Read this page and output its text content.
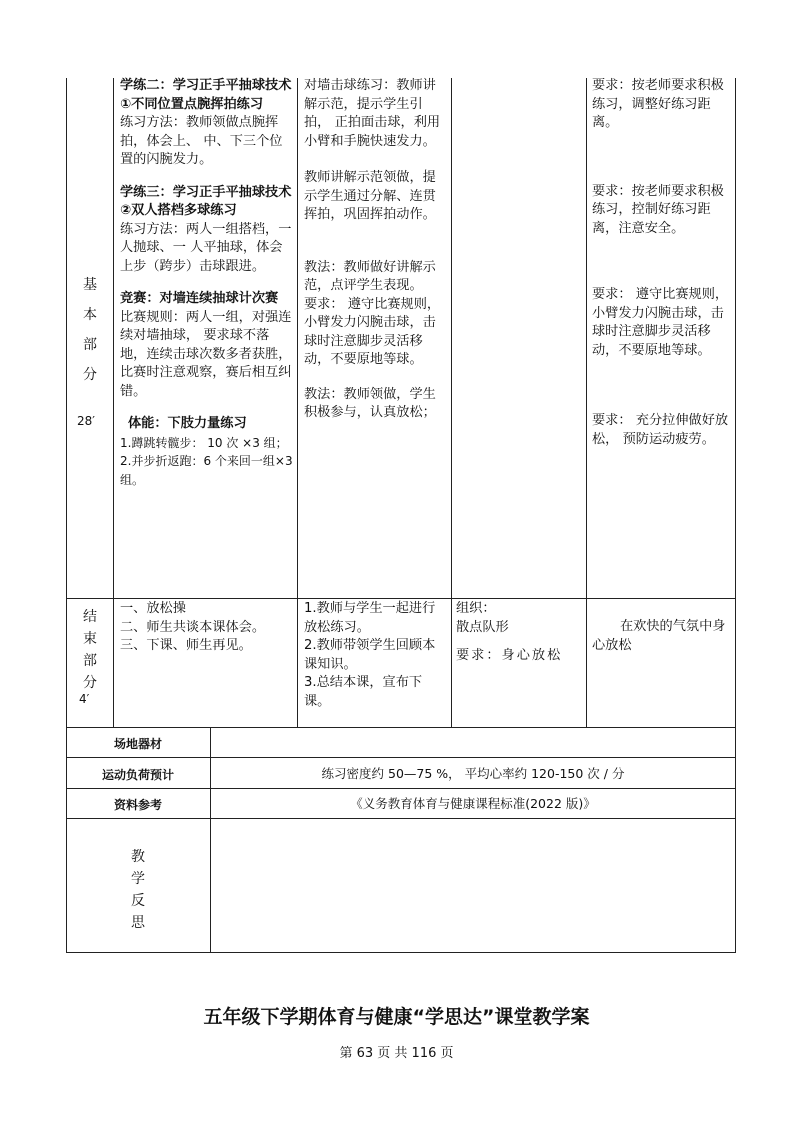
基
本
部
分
28′

学练二：学习正手平抽球技术①不同位置点腕挥拍练习

练习方法：教师领做点腕挥拍，体会上、 中、下三个位置的闪腕发力。

学练三：学习正手平抽球技术②双人搭档多球练习

练习方法：两人一组搭档，一人抛球、一 人平抽球，体会上步（跨步）击球跟进。

竞赛：对墙连续抽球计次赛

比赛规则：两人一组，对强连续对墙抽球， 要求球不落地，连续击球次数多者获胜，比赛时注意观察，赛后相互纠错。

体能：下肢力量练习

1.蹲跳转髋步： 10 次 ×3 组；

2.并步折返跑：6 个来回一组×3 组。

对墙击球练习：教师讲解示范，提示学生引拍， 正拍面击球，利用小臂和手腕快速发力。

教师讲解示范领做，提示学生通过分解、连贯挥拍，巩固挥拍动作。

教法：教师做好讲解示范，点评学生表现。

要求： 遵守比赛规则，小臂发力闪腕击球，击 球时注意脚步灵活移动，不要原地等球。

教法：教师领做，学生积极参与，认真放松；

要求：按老师要求积极练习，调整好练习距离。

要求：按老师要求积极练习，控制好练习距离，注意安全。

要求： 遵守比赛规则，小臂发力闪腕击球，击 球时注意脚步灵活移动，不要原地等球。

要求： 充分拉伸做好放松， 预防运动疲劳。

结
束
部
分
4′

一、放松操

二、师生共谈本课体会。

三、下课、师生再见。

1.教师与学生一起进行放松练习。

2.教师带领学生回顾本课知识。

3.总结本课，宣布下课。

组织：

散点队形

要求：身心放松

在欢快的气氛中身心放松
场地器材
运动负荷预计	练习密度约 50—75 %， 平均心率约 120-150 次 / 分
资料参考	《义务教育体育与健康课程标准(2022 版)》
教
学
反
思
五年级下学期体育与健康“学思达”课堂教学案
第 63 页 共 116 页
